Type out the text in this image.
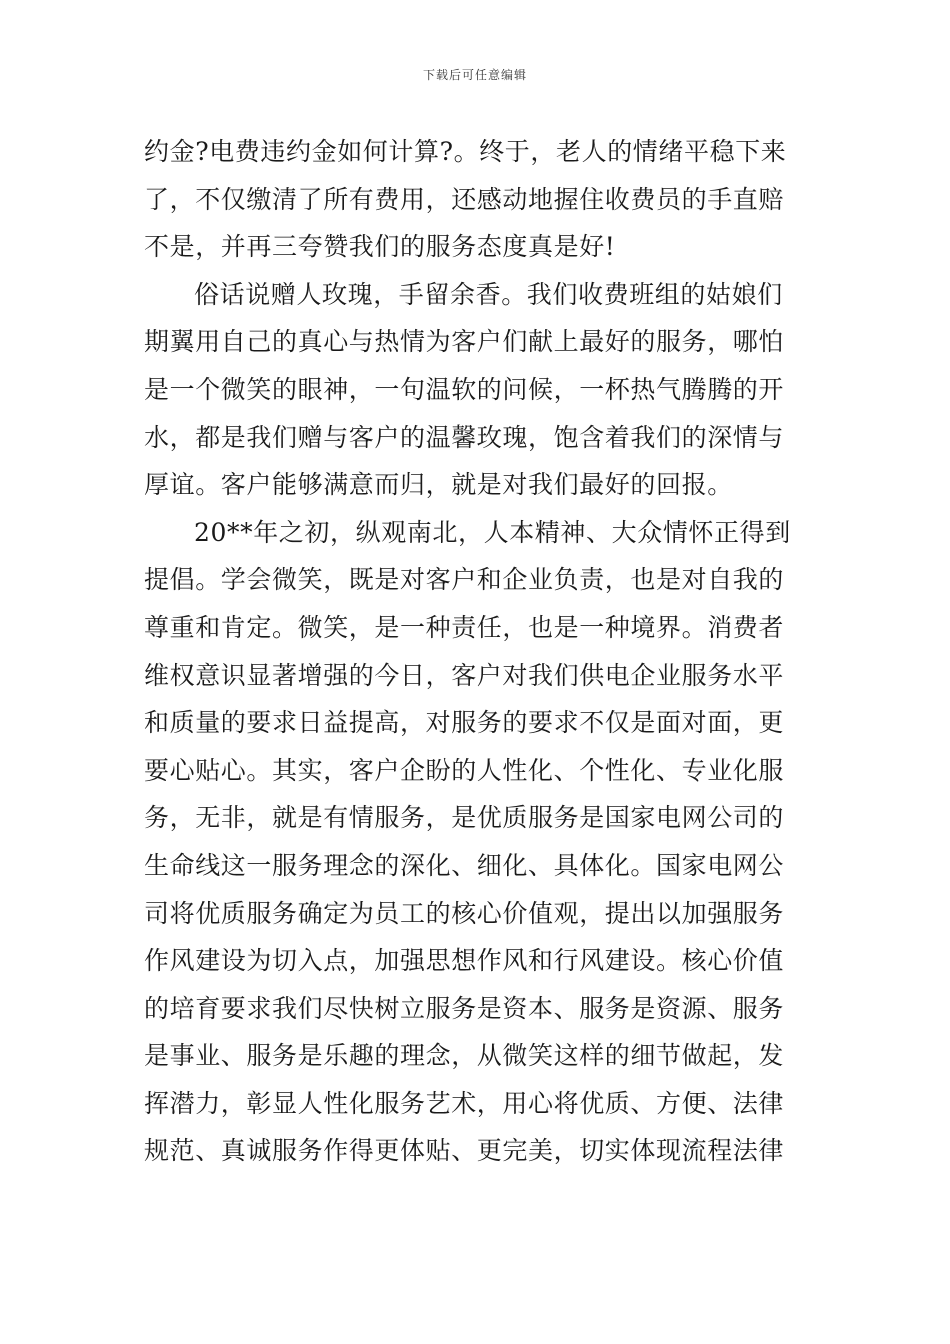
下载后可任意编辑
约金?电费违约金如何计算?。终于，老人的情绪平稳下来
了，不仅缴清了所有费用，还感动地握住收费员的手直赔
不是，并再三夸赞我们的服务态度真是好!
俗话说赠人玫瑰，手留余香。我们收费班组的姑娘们
期翼用自己的真心与热情为客户们献上最好的服务，哪怕
是一个微笑的眼神，一句温软的问候，一杯热气腾腾的开
水，都是我们赠与客户的温馨玫瑰，饱含着我们的深情与
厚谊。客户能够满意而归，就是对我们最好的回报。
20**年之初，纵观南北，人本精神、大众情怀正得到
提倡。学会微笑，既是对客户和企业负责，也是对自我的
尊重和肯定。微笑，是一种责任，也是一种境界。消费者
维权意识显著增强的今日，客户对我们供电企业服务水平
和质量的要求日益提高，对服务的要求不仅是面对面，更
要心贴心。其实，客户企盼的人性化、个性化、专业化服
务，无非，就是有情服务，是优质服务是国家电网公司的
生命线这一服务理念的深化、细化、具体化。国家电网公
司将优质服务确定为员工的核心价值观，提出以加强服务
作风建设为切入点，加强思想作风和行风建设。核心价值
的培育要求我们尽快树立服务是资本、服务是资源、服务
是事业、服务是乐趣的理念，从微笑这样的细节做起，发
挥潜力，彰显人性化服务艺术，用心将优质、方便、法律
规范、真诚服务作得更体贴、更完美，切实体现流程法律
